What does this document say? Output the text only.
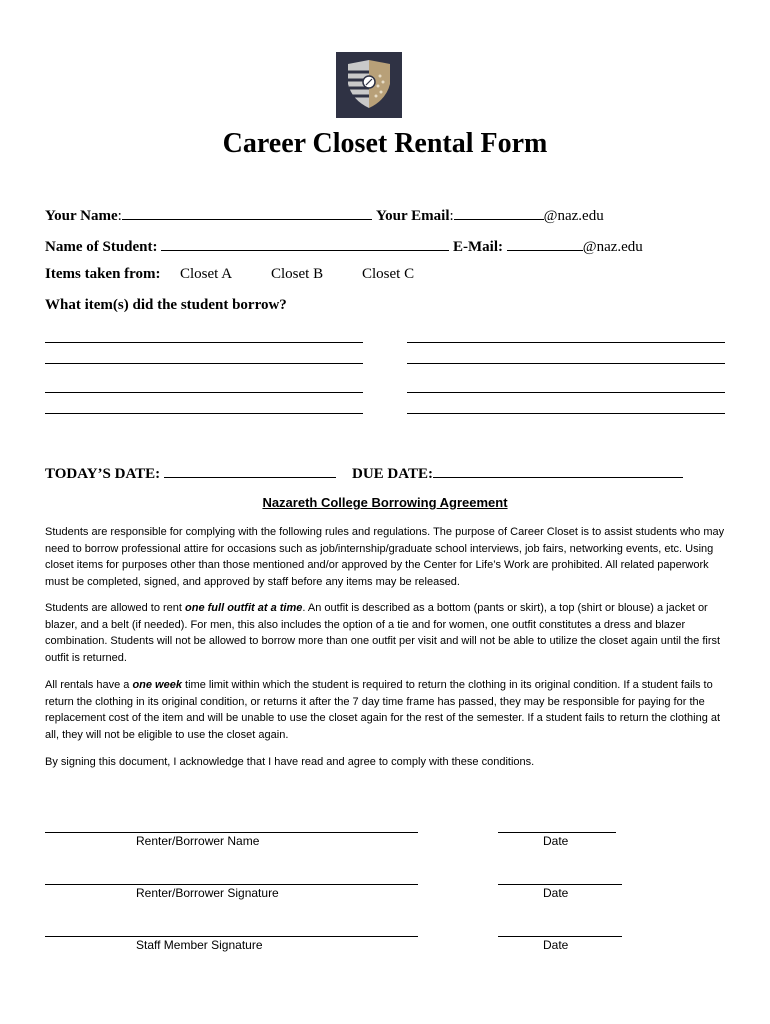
Career Closet Rental Form
Your Name:	Your Email:	@naz.edu
Name of Student:	E-Mail:	@naz.edu
Items taken from: Closet A	Closet B	Closet C
What item(s) did the student borrow?
TODAY’S DATE:	DUE DATE:
Nazareth College Borrowing Agreement
Students are responsible for complying with the following rules and regulations. The purpose of Career Closet is to assist students who may need to borrow professional attire for occasions such as job/internship/graduate school interviews, job fairs, networking events, etc. Using closet items for purposes other than those mentioned and/or approved by the Center for Life’s Work are prohibited. All related paperwork must be completed, signed, and approved by staff before any items may be released.
Students are allowed to rent one full outfit at a time. An outfit is described as a bottom (pants or skirt), a top (shirt or blouse) a jacket or blazer, and a belt (if needed). For men, this also includes the option of a tie and for women, one outfit constitutes a dress and blazer combination. Students will not be allowed to borrow more than one outfit per visit and will not be able to utilize the closet again until the first outfit is returned.
All rentals have a one week time limit within which the student is required to return the clothing in its original condition. If a student fails to return the clothing in its original condition, or returns it after the 7 day time frame has passed, they may be responsible for paying for the replacement cost of the item and will be unable to use the closet again for the rest of the semester. If a student fails to return the clothing at all, they will not be eligible to use the closet again.
By signing this document, I acknowledge that I have read and agree to comply with these conditions.
Renter/Borrower Name	Date
Renter/Borrower Signature	Date
Staff Member Signature	Date
